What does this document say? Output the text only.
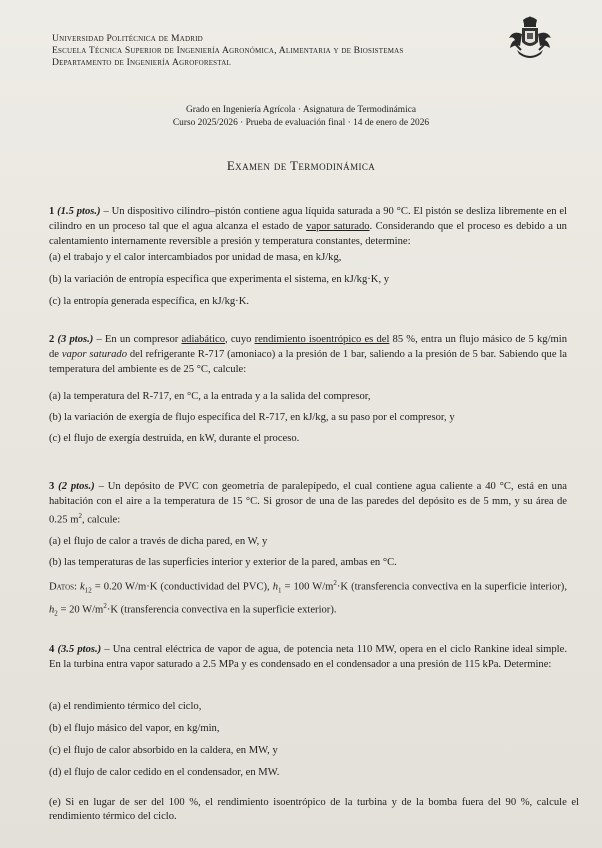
Universidad Politécnica de Madrid
Escuela Técnica Superior de Ingeniería Agronómica, Alimentaria y de Biosistemas
Departamento de Ingeniería Agroforestal
Grado en Ingeniería Agrícola · Asignatura de Termodinámica
Curso 2025/2026 · Prueba de evaluación final · 14 de enero de 2026
Examen de Termodinámica

1 (1.5 ptos.) – Un dispositivo cilindro–pistón contiene agua líquida saturada a 90 °C. El pistón se desliza libremente en el cilindro en un proceso tal que el agua alcanza el estado de vapor saturado. Considerando que el proceso es debido a un calentamiento internamente reversible a presión y temperatura constantes, determine:

(a) el trabajo y el calor intercambiados por unidad de masa, en kJ/kg,
(b) la variación de entropía específica que experimenta el sistema, en kJ/kg·K, y
(c) la entropía generada específica, en kJ/kg·K.

2 (3 ptos.) – En un compresor adiabático, cuyo rendimiento isoentrópico es del 85 %, entra un flujo másico de 5 kg/min de vapor saturado del refrigerante R-717 (amoniaco) a la presión de 1 bar, saliendo a la presión de 5 bar. Sabiendo que la temperatura del ambiente es de 25 °C, calcule:

(a) la temperatura del R-717, en °C, a la entrada y a la salida del compresor,
(b) la variación de exergía de flujo específica del R-717, en kJ/kg, a su paso por el compresor, y
(c) el flujo de exergía destruida, en kW, durante el proceso.

3 (2 ptos.) – Un depósito de PVC con geometría de paralepípedo, el cual contiene agua caliente a 40 °C, está en una habitación con el aire a la temperatura de 15 °C. Si grosor de una de las paredes del depósito es de 5 mm, y su área de 0.25 $m^2$, calcule:

(a) el flujo de calor a través de dicha pared, en W, y
(b) las temperaturas de las superficies interior y exterior de la pared, ambas en °C.

Datos: $k_{12} = 0.20$ W/m·K (conductividad del PVC), $h_1 = 100$ $W/m^2\cdot K$ (transferencia convectiva en la superficie interior), $h_2 = 20$ $W/m^2\cdot K$ (transferencia convectiva en la superficie exterior).

4 (3.5 ptos.) – Una central eléctrica de vapor de agua, de potencia neta 110 MW, opera en el ciclo Rankine ideal simple. En la turbina entra vapor saturado a 2.5 MPa y es condensado en el condensador a una presión de 115 kPa. Determine:

(a) el rendimiento térmico del ciclo,
(b) el flujo másico del vapor, en kg/min,
(c) el flujo de calor absorbido en la caldera, en MW, y
(d) el flujo de calor cedido en el condensador, en MW.

(e) Si en lugar de ser del 100 %, el rendimiento isoentrópico de la turbina y de la bomba fuera del 90 %, calcule el rendimiento térmico del ciclo.
